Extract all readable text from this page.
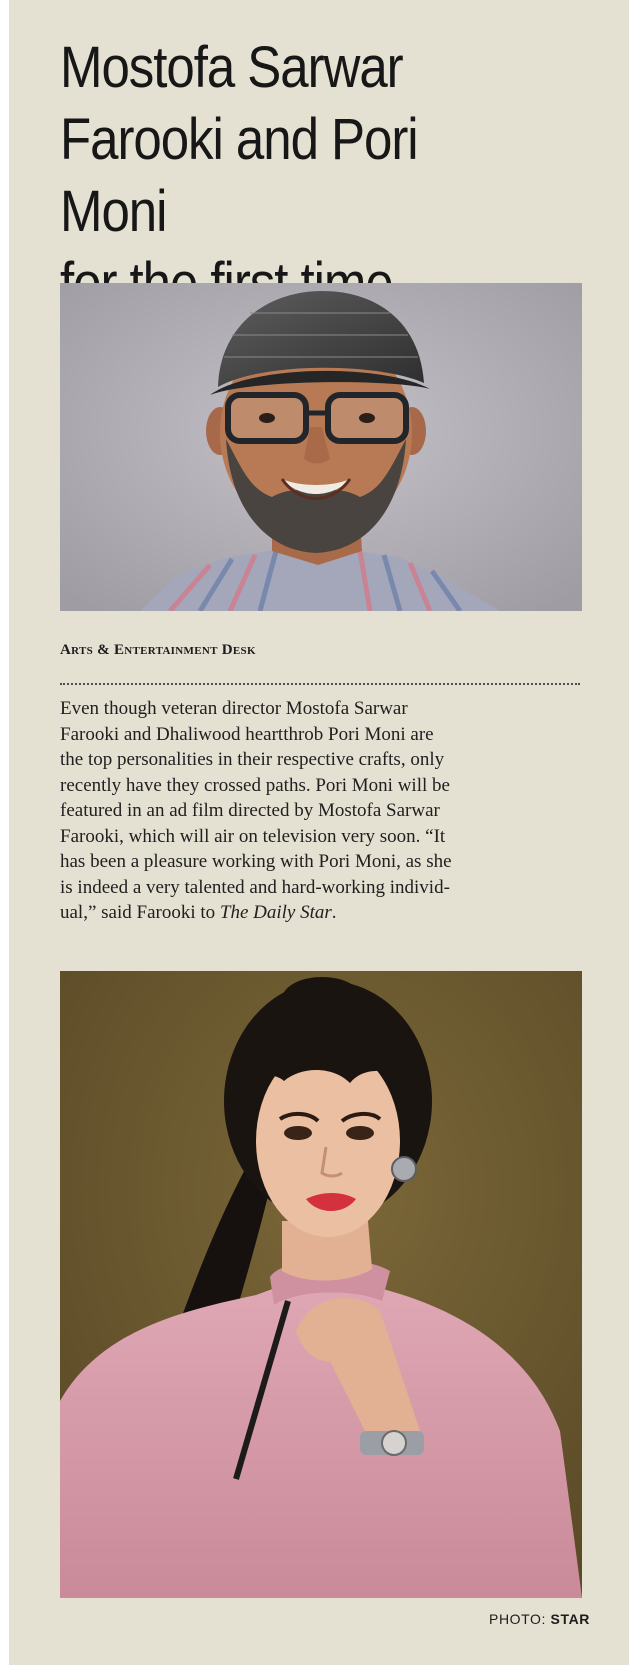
Mostofa Sarwar
Farooki and Pori Moni

Arts & Entertainment Desk

Even though veteran director Mostofa Sarwar
Farooki and Dhaliwood heartthrob Pori Moni are
the top personalities in their respective crafts, only
recently have they crossed paths. Pori Moni will be
featured in an ad film directed by Mostofa Sarwar
Farooki, which will air on television very soon. “It
has been a pleasure working with Pori Moni, as she
is indeed a very talented and hard-working individ-
ual,” said Farooki to The Daily Star.

PHOTO: STAR
